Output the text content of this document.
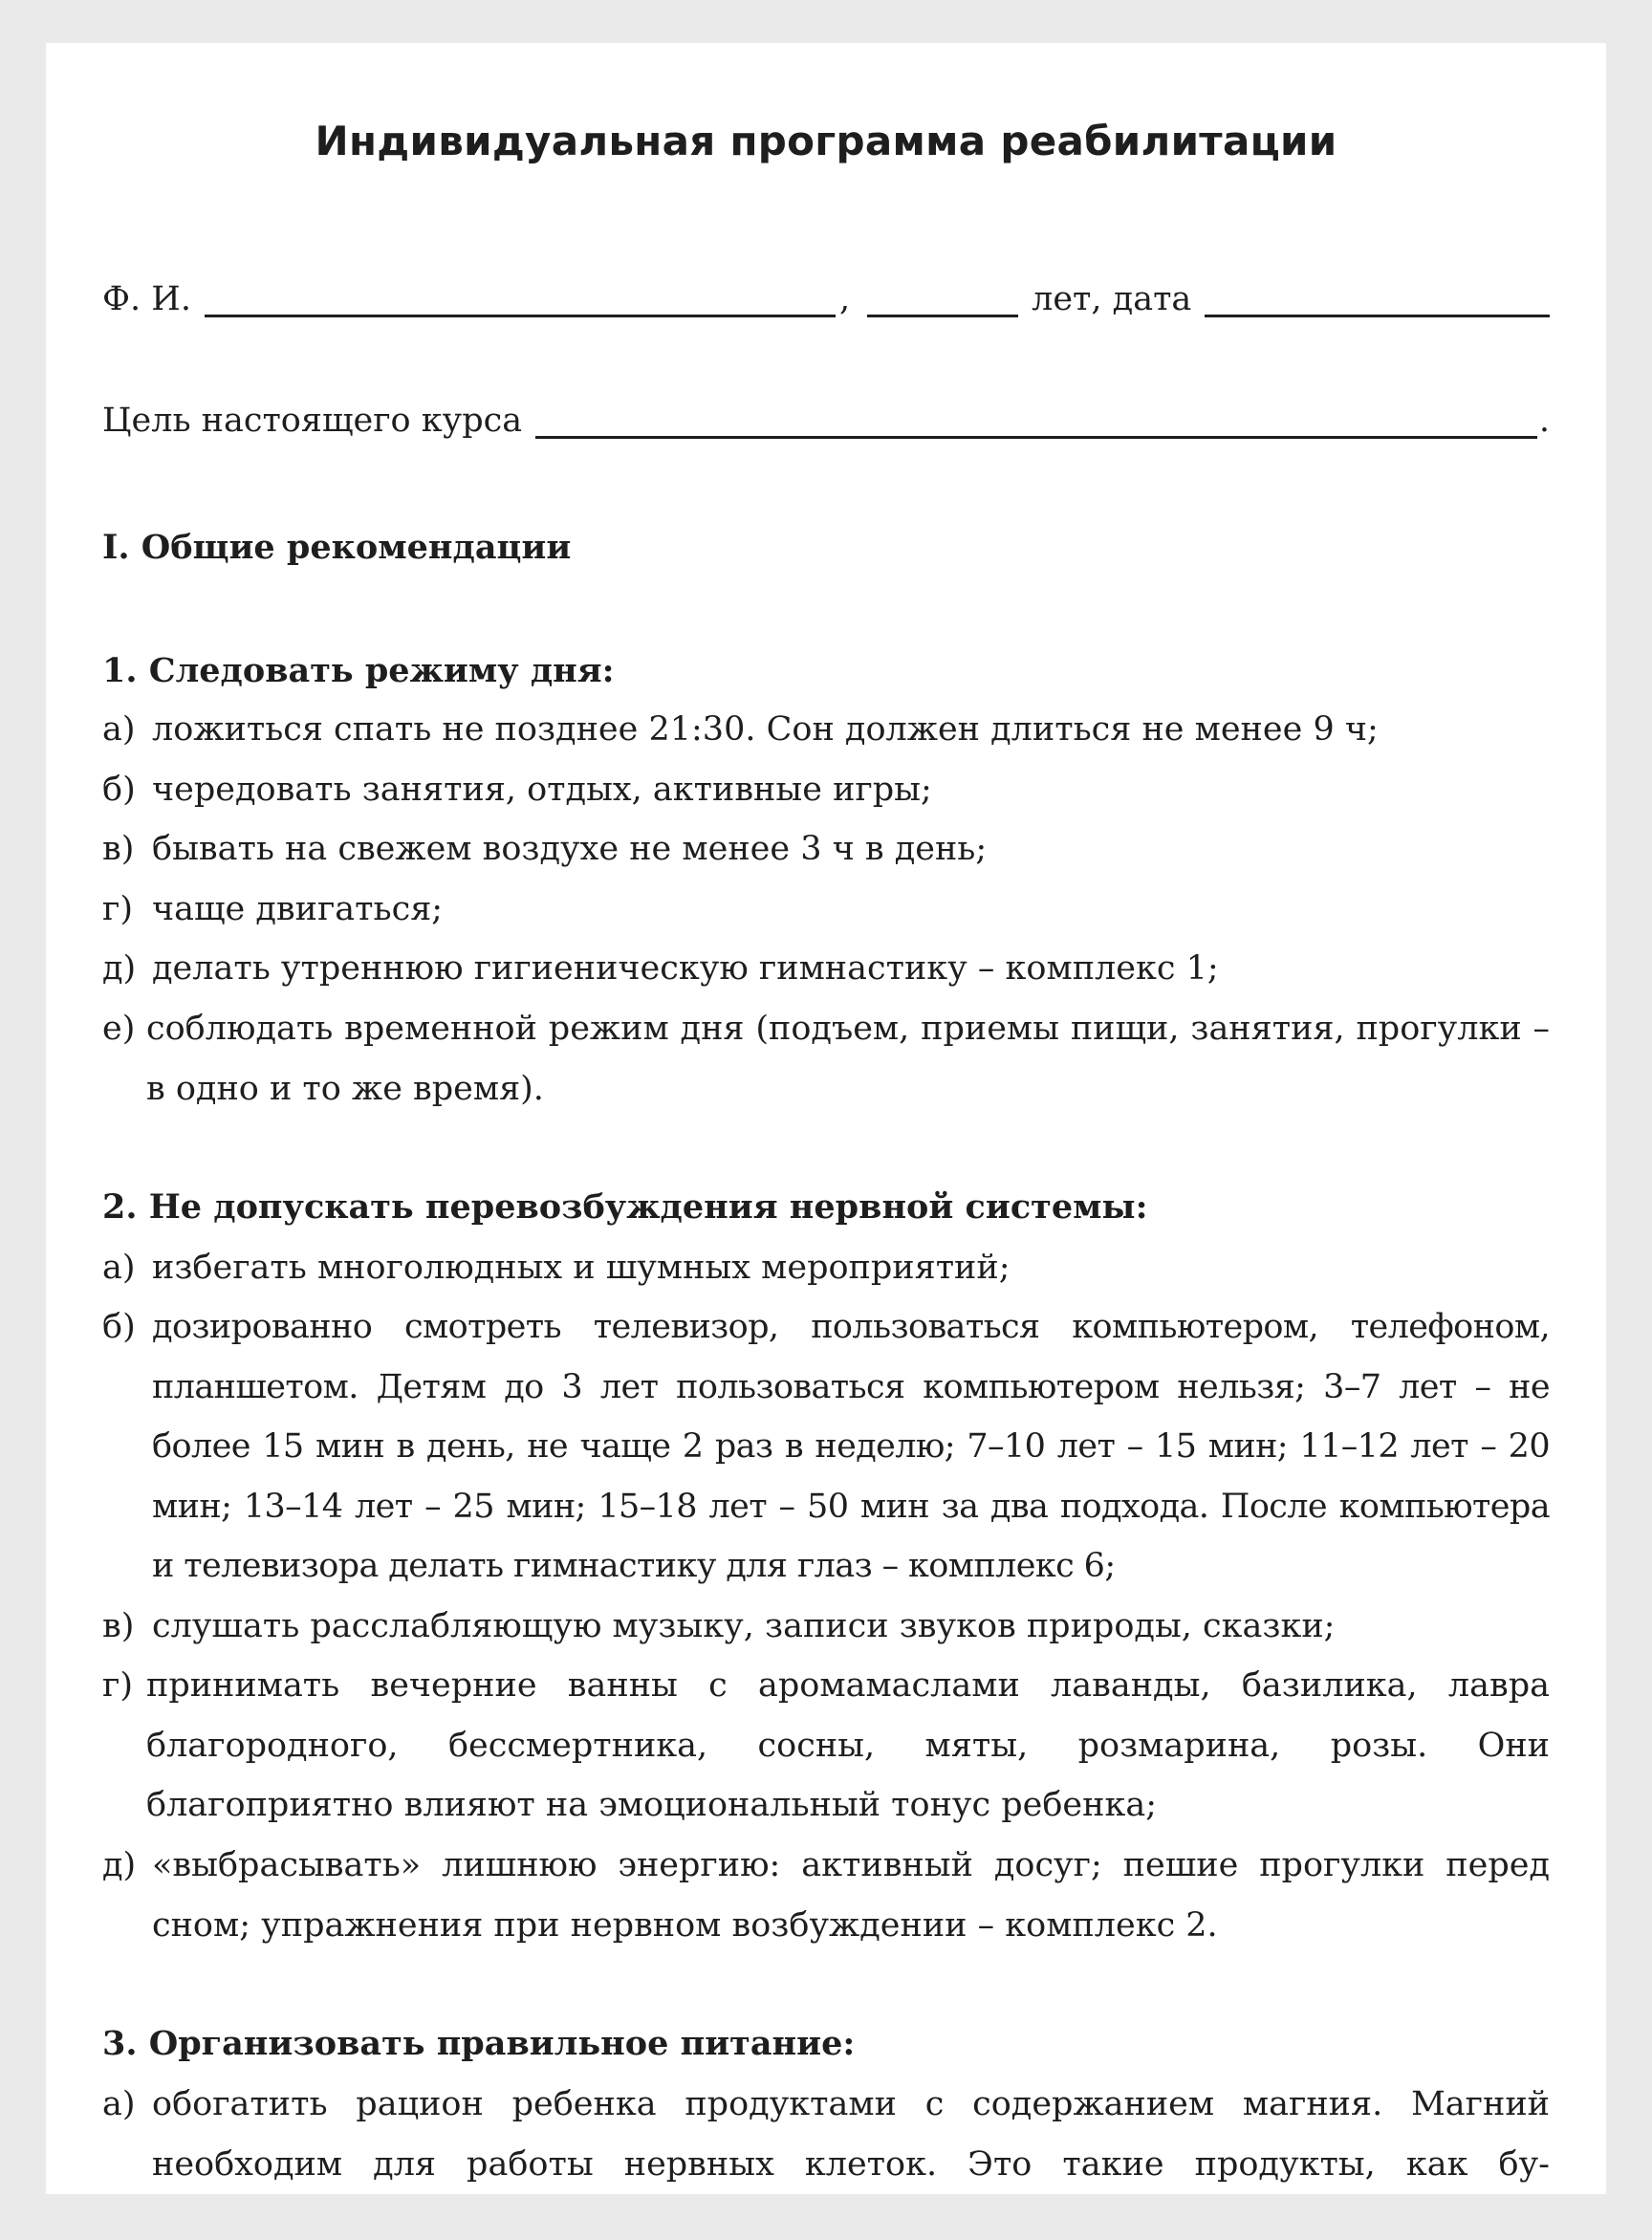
Индивидуальная программа реабилитации
Ф. И.	,	лет, дата
Цель настоящего курса	.
I. Общие рекомендации
1. Следовать режиму дня:
а) ложиться спать не позднее 21:30. Сон должен длиться не менее 9 ч;
б) чередовать занятия, отдых, активные игры;
в) бывать на свежем воздухе не менее 3 ч в день;
г) чаще двигаться;
д) делать утреннюю гигиеническую гимнастику – комплекс 1;
е) соблюдать временной режим дня (подъем, приемы пищи, занятия, прогулки – в одно и то же время).
2. Не допускать перевозбуждения нервной системы:
а) избегать многолюдных и шумных мероприятий;
б) дозированно смотреть телевизор, пользоваться компьютером, телефоном, планшетом. Детям до 3 лет пользоваться компьютером нельзя; 3–7 лет – не более 15 мин в день, не чаще 2 раз в неделю; 7–10 лет – 15 мин; 11–12 лет – 20 мин; 13–14 лет – 25 мин; 15–18 лет – 50 мин за два подхода. После компьютера и телевизора делать гимнастику для глаз – комплекс 6;
в) слушать расслабляющую музыку, записи звуков природы, сказки;
г) принимать вечерние ванны с аромамаслами лаванды, базилика, лавра благородного, бессмертника, сосны, мяты, розмарина, розы. Они благоприятно влияют на эмоциональный тонус ребенка;
д) «выбрасывать» лишнюю энергию: активный досуг; пешие прогулки перед сном; упражнения при нервном возбуждении – комплекс 2.
3. Организовать правильное питание:
а) обогатить рацион ребенка продуктами с содержанием магния. Магний необходим для работы нервных клеток. Это такие продукты, как бу-
